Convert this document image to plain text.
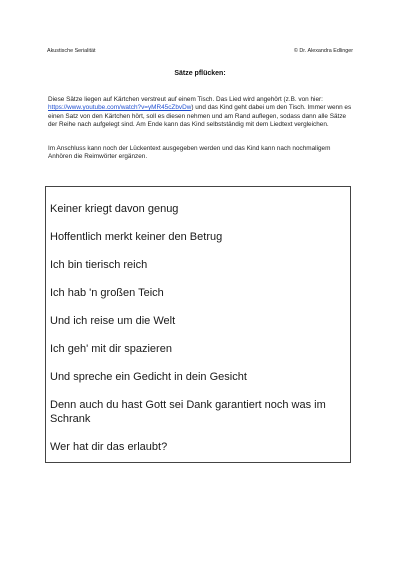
Akustische Serialität	© Dr. Alexandra Edlinger
Sätze pflücken:
Diese Sätze liegen auf Kärtchen verstreut auf einem Tisch. Das Lied wird angehört (z.B. von hier: https://www.youtube.com/watch?v=yMR45cZbvDw) und das Kind geht dabei um den Tisch. Immer wenn es einen Satz von den Kärtchen hört, soll es diesen nehmen und am Rand auflegen, sodass dann alle Sätze der Reihe nach aufgelegt sind. Am Ende kann das Kind selbstständig mit dem Liedtext vergleichen.
Im Anschluss kann noch der Lückentext ausgegeben werden und das Kind kann nach nochmaligem Anhören die Reimwörter ergänzen.
Keiner kriegt davon genug
Hoffentlich merkt keiner den Betrug
Ich bin tierisch reich
Ich hab 'n großen Teich
Und ich reise um die Welt
Ich geh' mit dir spazieren
Und spreche ein Gedicht in dein Gesicht
Denn auch du hast Gott sei Dank garantiert noch was im Schrank
Wer hat dir das erlaubt?
